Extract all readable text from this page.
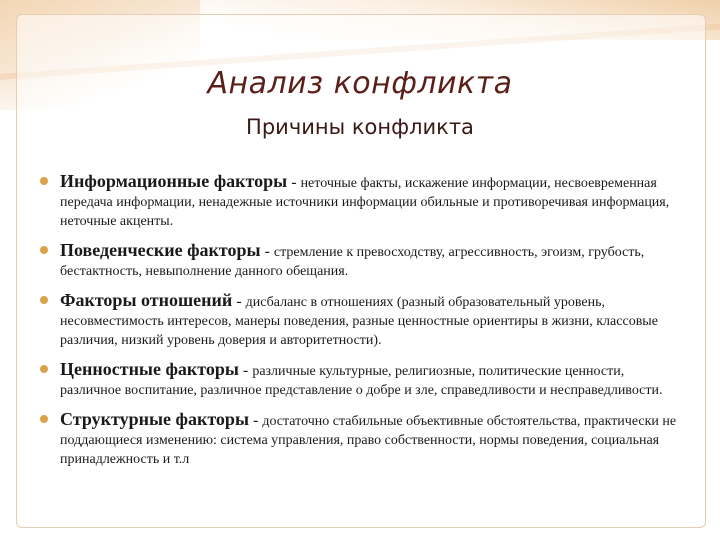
Анализ конфликта
Причины конфликта
Информационные факторы - неточные факты, искажение информации, несвоевременная передача информации, ненадежные источники информации обильные и противоречивая информация, неточные акценты.
Поведенческие факторы - стремление к превосходству, агрессивность, эгоизм, грубость, бестактность, невыполнение данного обещания.
Факторы отношений - дисбаланс в отношениях (разный образовательный уровень, несовместимость интересов, манеры поведения, разные ценностные ориентиры в жизни, классовые различия, низкий уровень доверия и авторитетности).
Ценностные факторы - различные культурные, религиозные, политические ценности, различное воспитание, различное представление о добре и зле, справедливости и несправедливости.
Структурные факторы - достаточно стабильные объективные обстоятельства, практически не поддающиеся изменению: система управления, право собственности, нормы поведения, социальная принадлежность и т.л
